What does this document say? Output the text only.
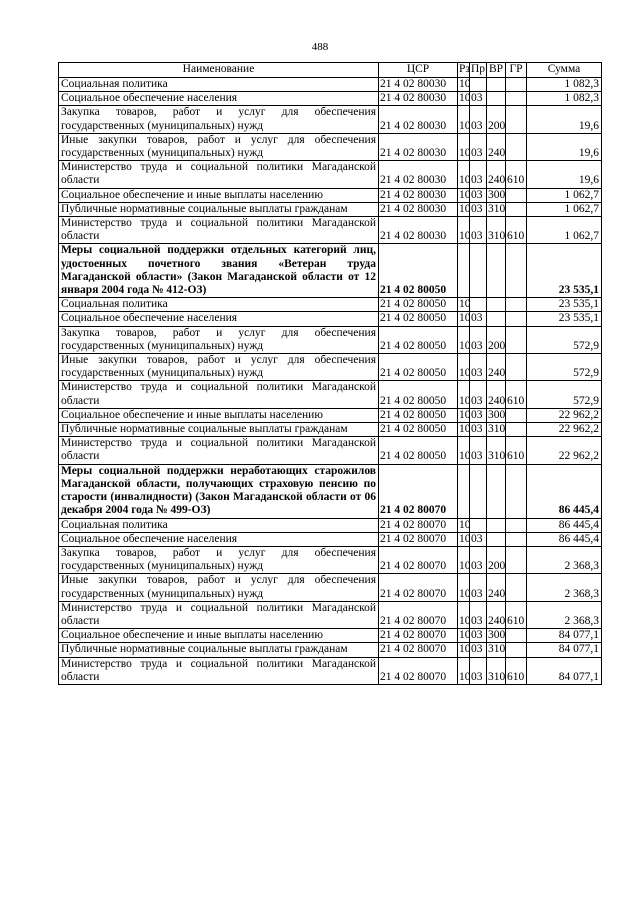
488
Наименование	ЦСР	Рз	Пр	ВР	ГР	Сумма
Социальная политика	21 4 02 80030	10				1 082,3
Социальное обеспечение населения	21 4 02 80030	10	03			1 082,3
Закупка товаров, работ и услуг для обеспечения государственных (муниципальных) нужд	21 4 02 80030	10	03	200		19,6
Иные закупки товаров, работ и услуг для обеспечения государственных (муниципальных) нужд	21 4 02 80030	10	03	240		19,6
Министерство труда и социальной политики Магаданской области	21 4 02 80030	10	03	240	610	19,6
Социальное обеспечение и иные выплаты населению	21 4 02 80030	10	03	300		1 062,7
Публичные нормативные социальные выплаты гражданам	21 4 02 80030	10	03	310		1 062,7
Министерство труда и социальной политики Магаданской области	21 4 02 80030	10	03	310	610	1 062,7
Меры социальной поддержки отдельных категорий лиц, удостоенных почетного звания «Ветеран труда Магаданской области» (Закон Магаданской области от 12 января 2004 года № 412-ОЗ)	21 4 02 80050					23 535,1
Социальная политика	21 4 02 80050	10				23 535,1
Социальное обеспечение населения	21 4 02 80050	10	03			23 535,1
Закупка товаров, работ и услуг для обеспечения государственных (муниципальных) нужд	21 4 02 80050	10	03	200		572,9
Иные закупки товаров, работ и услуг для обеспечения государственных (муниципальных) нужд	21 4 02 80050	10	03	240		572,9
Министерство труда и социальной политики Магаданской области	21 4 02 80050	10	03	240	610	572,9
Социальное обеспечение и иные выплаты населению	21 4 02 80050	10	03	300		22 962,2
Публичные нормативные социальные выплаты гражданам	21 4 02 80050	10	03	310		22 962,2
Министерство труда и социальной политики Магаданской области	21 4 02 80050	10	03	310	610	22 962,2
Меры социальной поддержки неработающих старожилов Магаданской области, получающих страховую пенсию по старости (инвалидности) (Закон Магаданской области от 06 декабря 2004 года № 499-ОЗ)	21 4 02 80070					86 445,4
Социальная политика	21 4 02 80070	10				86 445,4
Социальное обеспечение населения	21 4 02 80070	10	03			86 445,4
Закупка товаров, работ и услуг для обеспечения государственных (муниципальных) нужд	21 4 02 80070	10	03	200		2 368,3
Иные закупки товаров, работ и услуг для обеспечения государственных (муниципальных) нужд	21 4 02 80070	10	03	240		2 368,3
Министерство труда и социальной политики Магаданской области	21 4 02 80070	10	03	240	610	2 368,3
Социальное обеспечение и иные выплаты населению	21 4 02 80070	10	03	300		84 077,1
Публичные нормативные социальные выплаты гражданам	21 4 02 80070	10	03	310		84 077,1
Министерство труда и социальной политики Магаданской области	21 4 02 80070	10	03	310	610	84 077,1
